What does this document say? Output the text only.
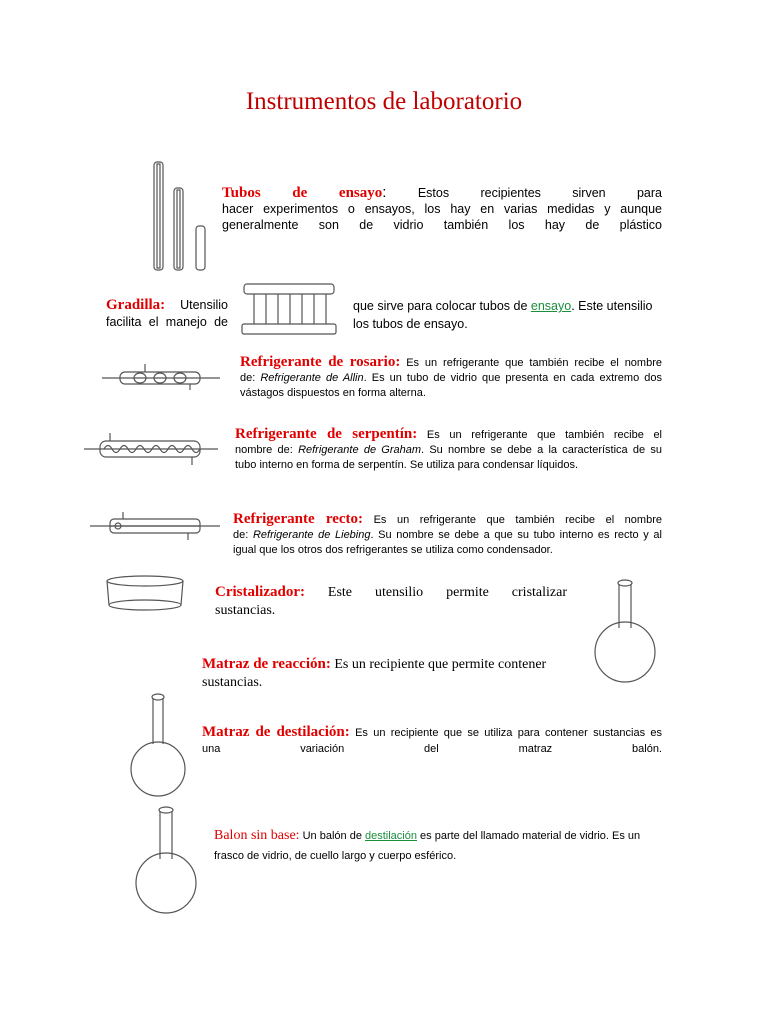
Instrumentos de laboratorio
Tubos de ensayo:	Estos recipientes sirven para
hacer experimentos o ensayos, los hay en varias medidas y aunque
generalmente son de vidrio también los hay de plástico
Gradilla: Utensilio
facilita el manejo de
que sirve para colocar tubos de ensayo. Este utensilio
los tubos de ensayo.
Refrigerante de rosario: Es un refrigerante que también recibe el nombre
de: Refrigerante de Allin. Es un tubo de vidrio que presenta en cada extremo dos
vástagos dispuestos en forma alterna.
Refrigerante de serpentín: Es un refrigerante que también recibe el
nombre de: Refrigerante de Graham. Su nombre se debe a la característica de su
tubo interno en forma de serpentín. Se utiliza para condensar líquidos.
Refrigerante recto: Es un refrigerante que también recibe el nombre
de: Refrigerante de Liebing. Su nombre se debe a que su tubo interno es recto y al
igual que los otros dos refrigerantes se utiliza como condensador.
Cristalizador: Este utensilio permite cristalizar
sustancias.
Matraz de reacción: Es un recipiente que permite contener
sustancias.
Matraz de destilación: Es un recipiente que se utiliza para contener sustancias es
una variación del matraz balón.
Balon sin base: Un balón de destilación es parte del llamado material de vidrio. Es un
frasco de vidrio, de cuello largo y cuerpo esférico.
